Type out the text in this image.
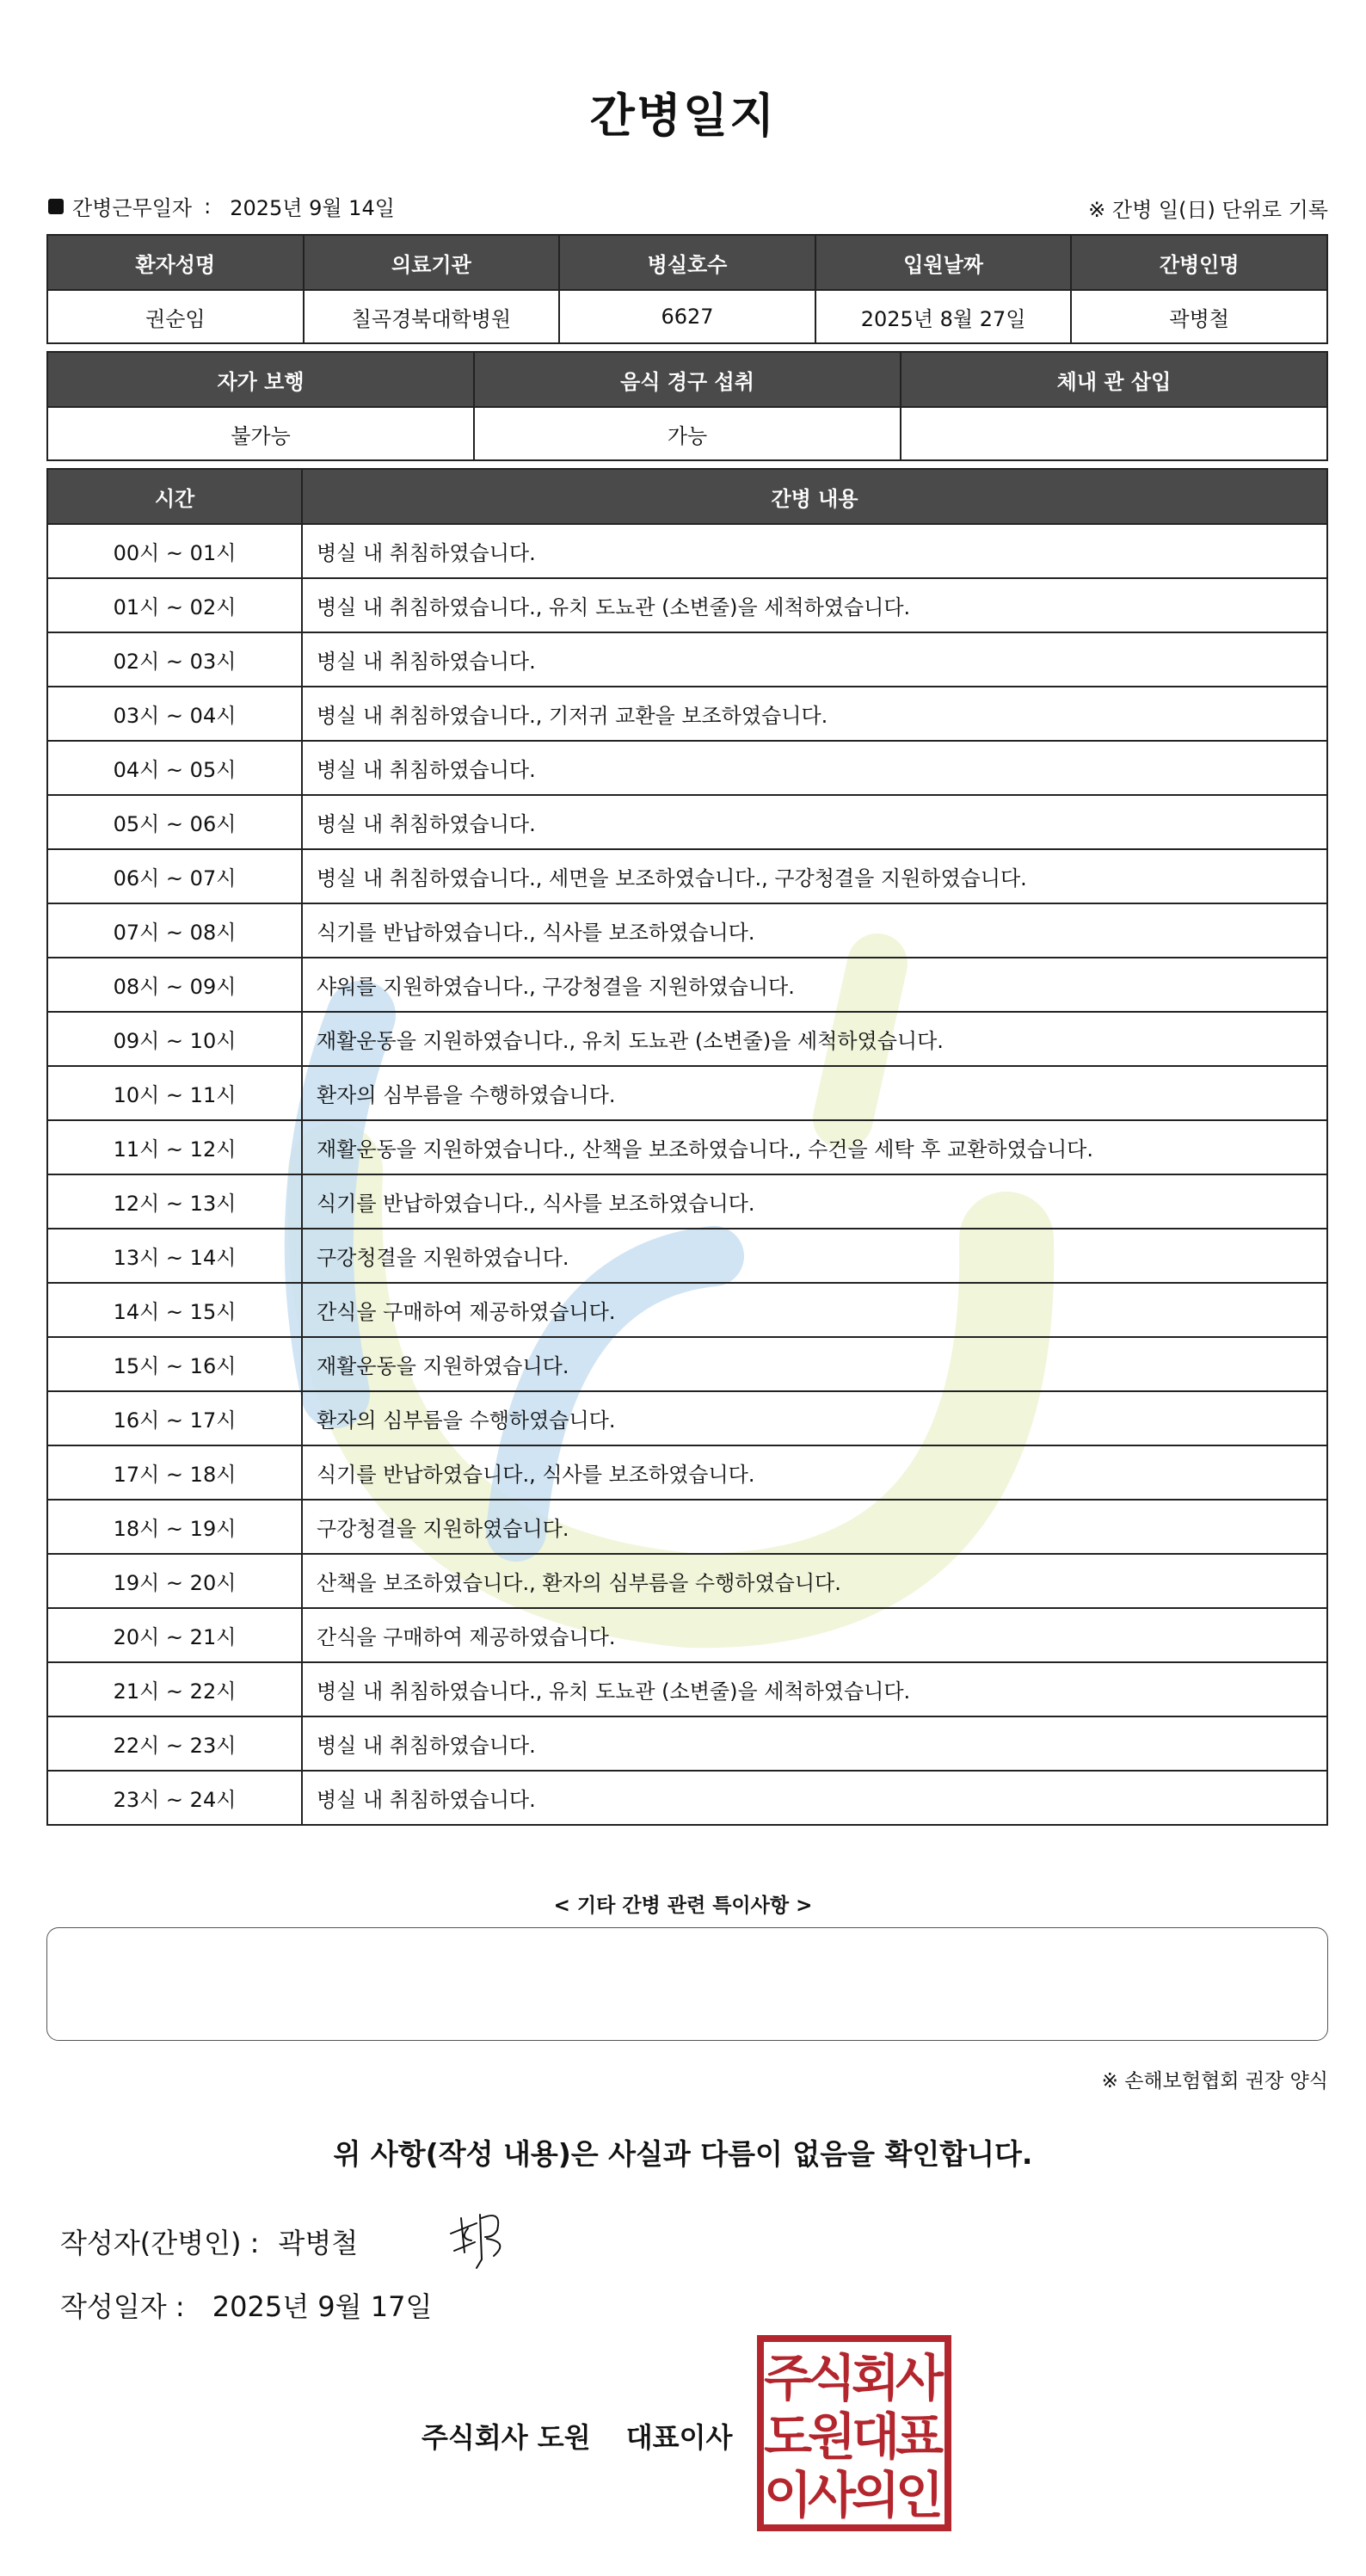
간병일지
간병근무일자 : 2025년 9월 14일	※ 간병 일(日) 단위로 기록
환자성명	의료기관	병실호수	입원날짜	간병인명
권순임	칠곡경북대학병원	6627	2025년 8월 27일	곽병철
자가 보행	음식 경구 섭취	체내 관 삽입
불가능	가능	
시간	간병 내용
00시 ~ 01시	병실 내 취침하였습니다.
01시 ~ 02시	병실 내 취침하였습니다., 유치 도뇨관 (소변줄)을 세척하였습니다.
02시 ~ 03시	병실 내 취침하였습니다.
03시 ~ 04시	병실 내 취침하였습니다., 기저귀 교환을 보조하였습니다.
04시 ~ 05시	병실 내 취침하였습니다.
05시 ~ 06시	병실 내 취침하였습니다.
06시 ~ 07시	병실 내 취침하였습니다., 세면을 보조하였습니다., 구강청결을 지원하였습니다.
07시 ~ 08시	식기를 반납하였습니다., 식사를 보조하였습니다.
08시 ~ 09시	샤워를 지원하였습니다., 구강청결을 지원하였습니다.
09시 ~ 10시	재활운동을 지원하였습니다., 유치 도뇨관 (소변줄)을 세척하였습니다.
10시 ~ 11시	환자의 심부름을 수행하였습니다.
11시 ~ 12시	재활운동을 지원하였습니다., 산책을 보조하였습니다., 수건을 세탁 후 교환하였습니다.
12시 ~ 13시	식기를 반납하였습니다., 식사를 보조하였습니다.
13시 ~ 14시	구강청결을 지원하였습니다.
14시 ~ 15시	간식을 구매하여 제공하였습니다.
15시 ~ 16시	재활운동을 지원하였습니다.
16시 ~ 17시	환자의 심부름을 수행하였습니다.
17시 ~ 18시	식기를 반납하였습니다., 식사를 보조하였습니다.
18시 ~ 19시	구강청결을 지원하였습니다.
19시 ~ 20시	산책을 보조하였습니다., 환자의 심부름을 수행하였습니다.
20시 ~ 21시	간식을 구매하여 제공하였습니다.
21시 ~ 22시	병실 내 취침하였습니다., 유치 도뇨관 (소변줄)을 세척하였습니다.
22시 ~ 23시	병실 내 취침하였습니다.
23시 ~ 24시	병실 내 취침하였습니다.
< 기타 간병 관련 특이사항 >
※ 손해보험협회 권장 양식
위 사항(작성 내용)은 사실과 다름이 없음을 확인합니다.
작성자(간병인) : 곽병철
작성일자 : 2025년 9월 17일
주식회사 도원 대표이사
주
식
회
사
도
원
대
표
이
사
의
인
